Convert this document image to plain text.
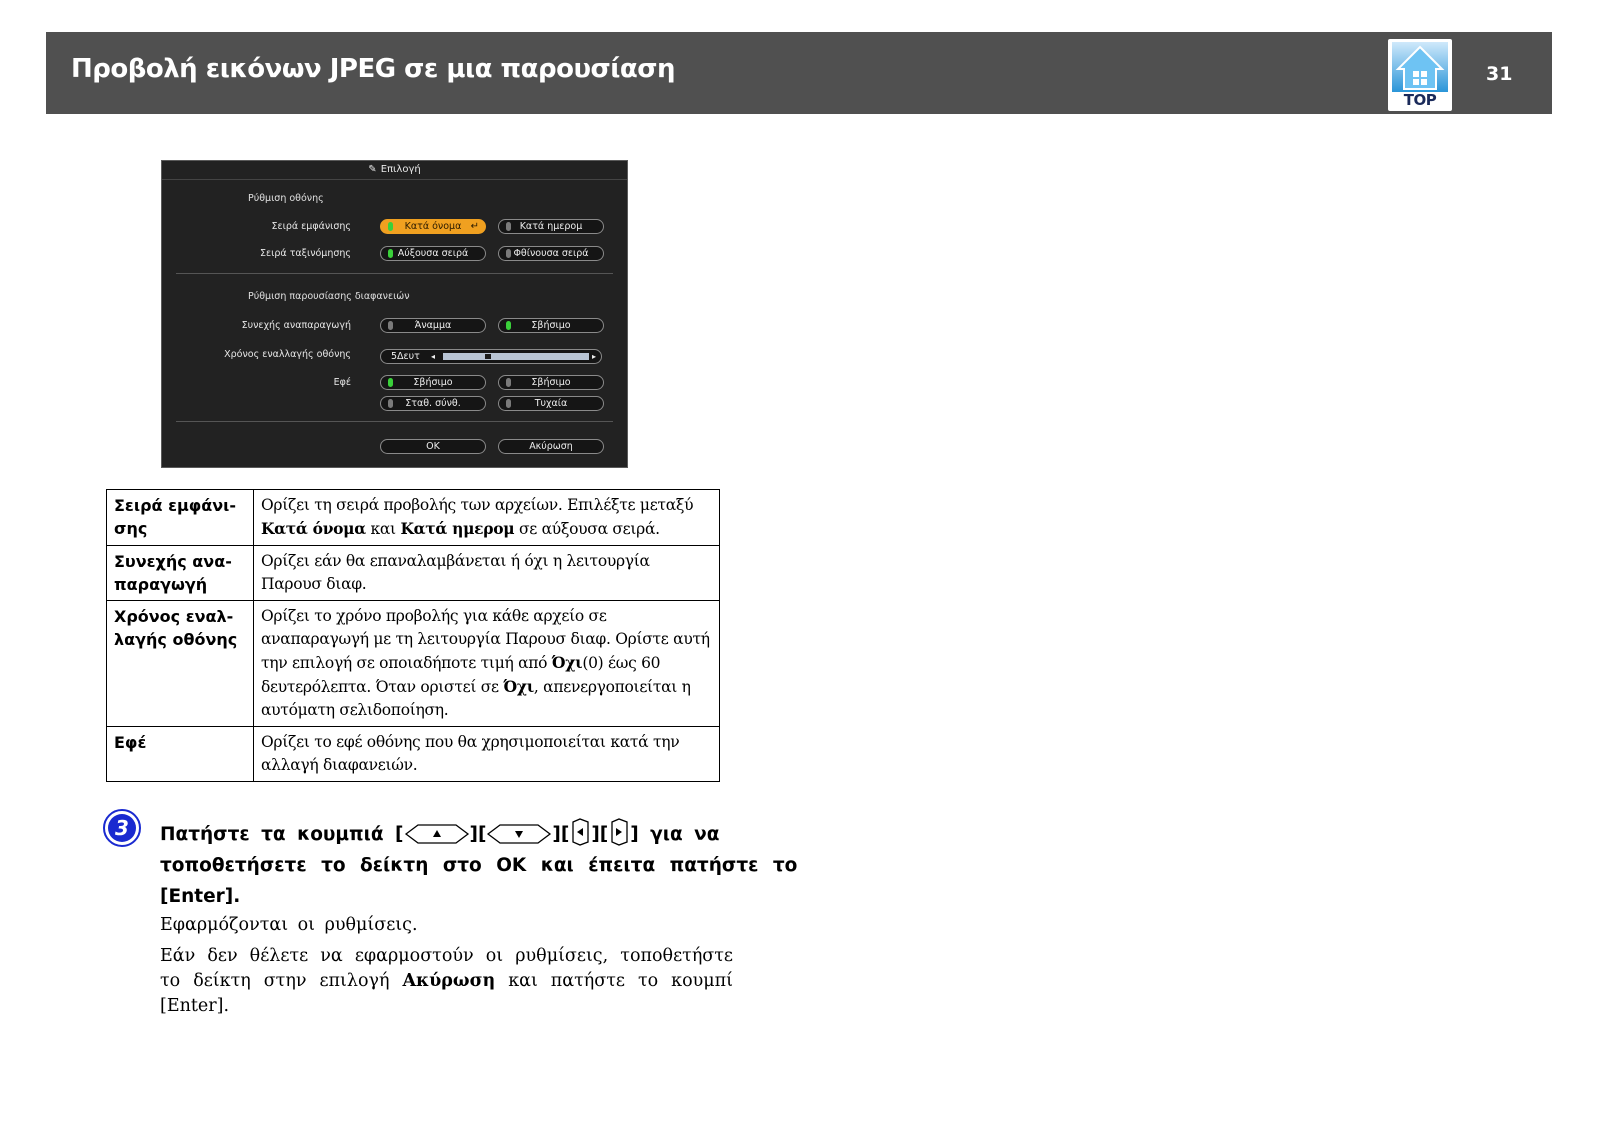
Προβολή εικόνων JPEG σε μια παρουσίαση
TOP
31
✎ Επιλογή
Ρύθμιση οθόνης
Σειρά εμφάνισης	Κατά όνομα ↵	Κατά ημερομ
Σειρά ταξινόμησης	Αύξουσα σειρά	Φθίνουσα σειρά
Ρύθμιση παρουσίασης διαφανειών
Συνεχής αναπαραγωγή	Άναμμα	Σβήσιμο
Χρόνος εναλλαγής οθόνης	5Δευτ ◂	▸
Εφέ	Σβήσιμο	Σβήσιμο
Σταθ. σύνθ.	Τυχαία
OK	Ακύρωση
Σειρά εμφάνι-σης	Ορίζει τη σειρά προβολής των αρχείων. Επιλέξτε μεταξύ Κατά όνομα και Κατά ημερομ σε αύξουσα σειρά.
Συνεχής ανα-παραγωγή	Ορίζει εάν θα επαναλαμβάνεται ή όχι η λειτουργία Παρουσ διαφ.
Χρόνος εναλ-λαγής οθόνης	Ορίζει το χρόνο προβολής για κάθε αρχείο σε αναπαραγωγή με τη λειτουργία Παρουσ διαφ. Ορίστε αυτή την επιλογή σε οποιαδήποτε τιμή από Όχι(0) έως 60 δευτερόλεπτα. Όταν οριστεί σε Όχι, απενεργοποιείται η αυτόματη σελιδοποίηση.
Εφέ	Ορίζει το εφέ οθόνης που θα χρησιμοποιείται κατά την αλλαγή διαφανειών.
3	Πατήστε τα κουμπιά [	][	][ ][ ] για να
τοποθετήσετε το δείκτη στο OK και έπειτα πατήστε το
[Enter].
Εφαρμόζονται οι ρυθμίσεις.
Εάν δεν θέλετε να εφαρμοστούν οι ρυθμίσεις, τοποθετήστε το δείκτη στην επιλογή Ακύρωση και πατήστε το κουμπί [Enter].
